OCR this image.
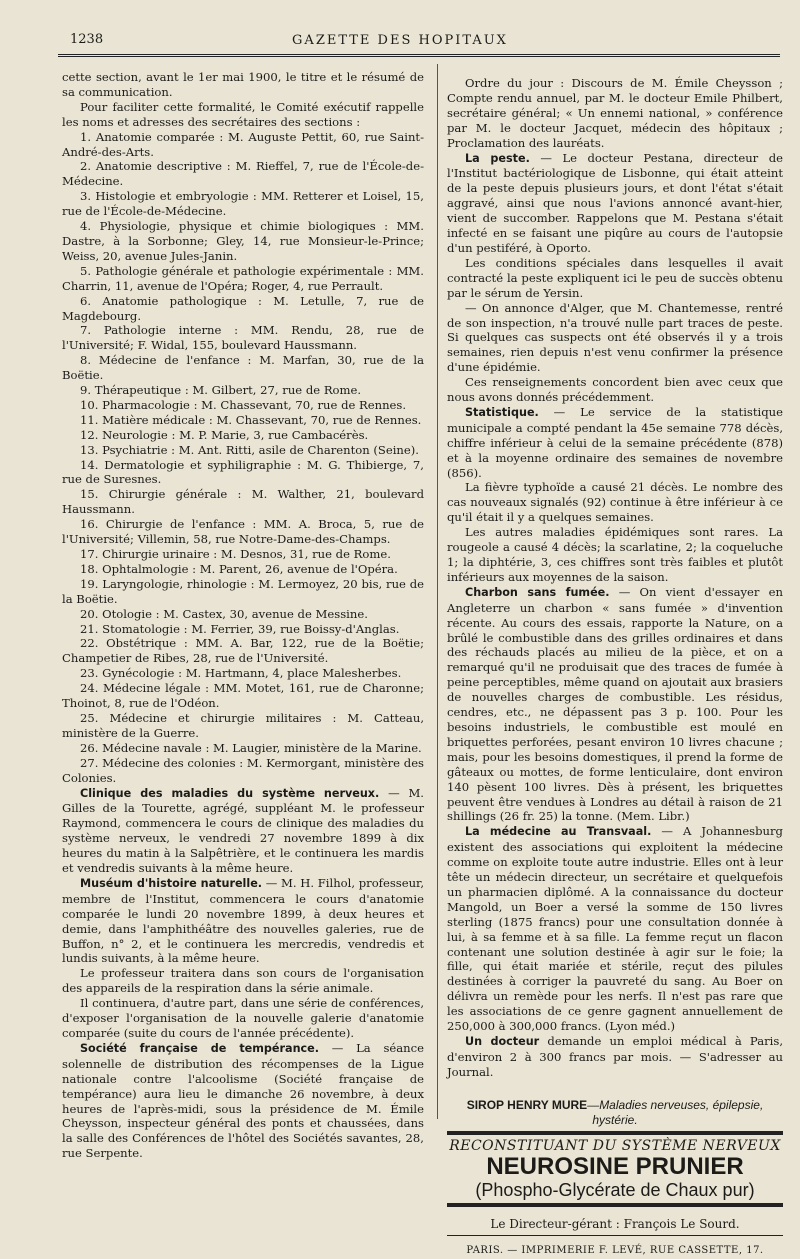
1238	GAZETTE DES HOPITAUX

cette section, avant le 1er mai 1900, le titre et le résumé de sa communication.

Pour faciliter cette formalité, le Comité exécutif rappelle les noms et adresses des secrétaires des sections :

1. Anatomie comparée : M. Auguste Pettit, 60, rue Saint-André-des-Arts.

2. Anatomie descriptive : M. Rieffel, 7, rue de l'École-de-Médecine.

3. Histologie et embryologie : MM. Retterer et Loisel, 15, rue de l'École-de-Médecine.

4. Physiologie, physique et chimie biologiques : MM. Dastre, à la Sorbonne; Gley, 14, rue Monsieur-le-Prince; Weiss, 20, avenue Jules-Janin.

5. Pathologie générale et pathologie expérimentale : MM. Charrin, 11, avenue de l'Opéra; Roger, 4, rue Perrault.

6. Anatomie pathologique : M. Letulle, 7, rue de Magdebourg.

7. Pathologie interne : MM. Rendu, 28, rue de l'Université; F. Widal, 155, boulevard Haussmann.

8. Médecine de l'enfance : M. Marfan, 30, rue de la Boëtie.

9. Thérapeutique : M. Gilbert, 27, rue de Rome.

10. Pharmacologie : M. Chassevant, 70, rue de Rennes.

11. Matière médicale : M. Chassevant, 70, rue de Rennes.

12. Neurologie : M. P. Marie, 3, rue Cambacérès.

13. Psychiatrie : M. Ant. Ritti, asile de Charenton (Seine).

14. Dermatologie et syphiligraphie : M. G. Thibierge, 7, rue de Suresnes.

15. Chirurgie générale : M. Walther, 21, boulevard Haussmann.

16. Chirurgie de l'enfance : MM. A. Broca, 5, rue de l'Université; Villemin, 58, rue Notre-Dame-des-Champs.

17. Chirurgie urinaire : M. Desnos, 31, rue de Rome.

18. Ophtalmologie : M. Parent, 26, avenue de l'Opéra.

19. Laryngologie, rhinologie : M. Lermoyez, 20 bis, rue de la Boëtie.

20. Otologie : M. Castex, 30, avenue de Messine.

21. Stomatologie : M. Ferrier, 39, rue Boissy-d'Anglas.

22. Obstétrique : MM. A. Bar, 122, rue de la Boëtie; Champetier de Ribes, 28, rue de l'Université.

23. Gynécologie : M. Hartmann, 4, place Malesherbes.

24. Médecine légale : MM. Motet, 161, rue de Charonne; Thoinot, 8, rue de l'Odéon.

25. Médecine et chirurgie militaires : M. Catteau, ministère de la Guerre.

26. Médecine navale : M. Laugier, ministère de la Marine.

27. Médecine des colonies : M. Kermorgant, ministère des Colonies.

Clinique des maladies du système nerveux. — M. Gilles de la Tourette, agrégé, suppléant M. le professeur Raymond, commencera le cours de clinique des maladies du système nerveux, le vendredi 27 novembre 1899 à dix heures du matin à la Salpêtrière, et le continuera les mardis et vendredis suivants à la même heure.

Muséum d'histoire naturelle. — M. H. Filhol, professeur, membre de l'Institut, commencera le cours d'anatomie comparée le lundi 20 novembre 1899, à deux heures et demie, dans l'amphithéâtre des nouvelles galeries, rue de Buffon, n° 2, et le continuera les mercredis, vendredis et lundis suivants, à la même heure.

Le professeur traitera dans son cours de l'organisation des appareils de la respiration dans la série animale.

Il continuera, d'autre part, dans une série de conférences, d'exposer l'organisation de la nouvelle galerie d'anatomie comparée (suite du cours de l'année précédente).

Société française de tempérance. — La séance solennelle de distribution des récompenses de la Ligue nationale contre l'alcoolisme (Société française de tempérance) aura lieu le dimanche 26 novembre, à deux heures de l'après-midi, sous la présidence de M. Émile Cheysson, inspecteur général des ponts et chaussées, dans la salle des Conférences de l'hôtel des Sociétés savantes, 28, rue Serpente.

Ordre du jour : Discours de M. Émile Cheysson ; Compte rendu annuel, par M. le docteur Emile Philbert, secrétaire général; « Un ennemi national, » conférence par M. le docteur Jacquet, médecin des hôpitaux ; Proclamation des lauréats.

La peste. — Le docteur Pestana, directeur de l'Institut bactériologique de Lisbonne, qui était atteint de la peste depuis plusieurs jours, et dont l'état s'était aggravé, ainsi que nous l'avions annoncé avant-hier, vient de succomber. Rappelons que M. Pestana s'était infecté en se faisant une piqûre au cours de l'autopsie d'un pestiféré, à Oporto.

Les conditions spéciales dans lesquelles il avait contracté la peste expliquent ici le peu de succès obtenu par le sérum de Yersin.

— On annonce d'Alger, que M. Chantemesse, rentré de son inspection, n'a trouvé nulle part traces de peste. Si quelques cas suspects ont été observés il y a trois semaines, rien depuis n'est venu confirmer la présence d'une épidémie.

Ces renseignements concordent bien avec ceux que nous avons donnés précédemment.

Statistique. — Le service de la statistique municipale a compté pendant la 45e semaine 778 décès, chiffre inférieur à celui de la semaine précédente (878) et à la moyenne ordinaire des semaines de novembre (856).

La fièvre typhoïde a causé 21 décès. Le nombre des cas nouveaux signalés (92) continue à être inférieur à ce qu'il était il y a quelques semaines.

Les autres maladies épidémiques sont rares. La rougeole a causé 4 décès; la scarlatine, 2; la coqueluche 1; la diphtérie, 3, ces chiffres sont très faibles et plutôt inférieurs aux moyennes de la saison.

Charbon sans fumée. — On vient d'essayer en Angleterre un charbon « sans fumée » d'invention récente. Au cours des essais, rapporte la Nature, on a brûlé le combustible dans des grilles ordinaires et dans des réchauds placés au milieu de la pièce, et on a remarqué qu'il ne produisait que des traces de fumée à peine perceptibles, même quand on ajoutait aux brasiers de nouvelles charges de combustible. Les résidus, cendres, etc., ne dépassent pas 3 p. 100. Pour les besoins industriels, le combustible est moulé en briquettes perforées, pesant environ 10 livres chacune ; mais, pour les besoins domestiques, il prend la forme de gâteaux ou mottes, de forme lenticulaire, dont environ 140 pèsent 100 livres. Dès à présent, les briquettes peuvent être vendues à Londres au détail à raison de 21 shillings (26 fr. 25) la tonne. (Mem. Libr.)

La médecine au Transvaal. — A Johannesburg existent des associations qui exploitent la médecine comme on exploite toute autre industrie. Elles ont à leur tête un médecin directeur, un secrétaire et quelquefois un pharmacien diplômé. A la connaissance du docteur Mangold, un Boer a versé la somme de 150 livres sterling (1875 francs) pour une consultation donnée à lui, à sa femme et à sa fille. La femme reçut un flacon contenant une solution destinée à agir sur le foie; la fille, qui était mariée et stérile, reçut des pilules destinées à corriger la pauvreté du sang. Au Boer on délivra un remède pour les nerfs. Il n'est pas rare que les associations de ce genre gagnent annuellement de 250,000 à 300,000 francs. (Lyon méd.)

Un docteur demande un emploi médical à Paris, d'environ 2 à 300 francs par mois. — S'adresser au Journal.

SIROP HENRY MURE—Maladies nerveuses, épilepsie, hystérie.
RECONSTITUANT DU SYSTÈME NERVEUX
NEUROSINE PRUNIER
(Phospho-Glycérate de Chaux pur)
Le Directeur-gérant : François Le Sourd.
PARIS. — IMPRIMERIE F. LEVÉ, RUE CASSETTE, 17.
